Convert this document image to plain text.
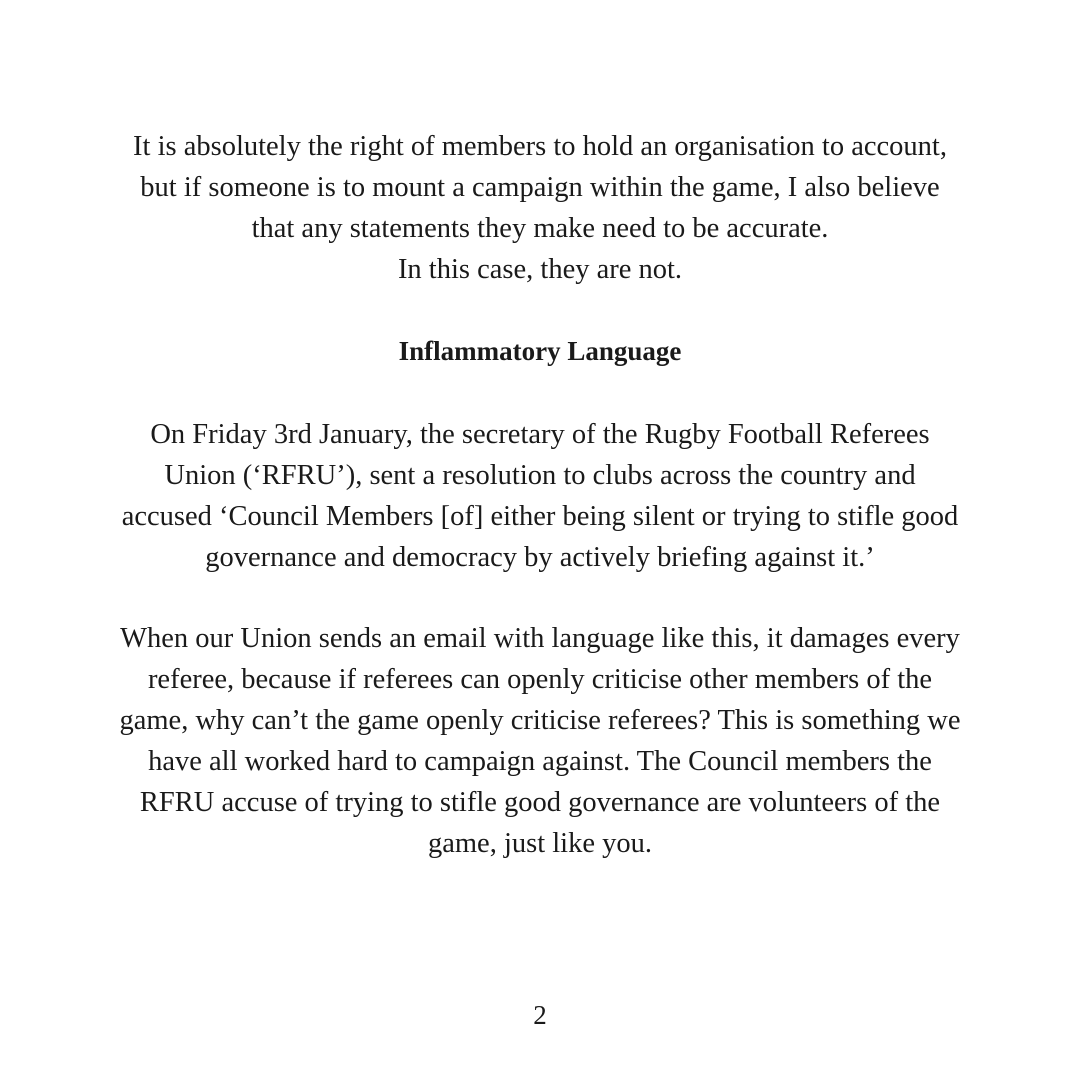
It is absolutely the right of members to hold an organisation to account,
but if someone is to mount a campaign within the game, I also believe
that any statements they make need to be accurate.
In this case, they are not.
Inflammatory Language
On Friday 3rd January, the secretary of the Rugby Football Referees
Union (‘RFRU’), sent a resolution to clubs across the country and
accused ‘Council Members [of] either being silent or trying to stifle good
governance and democracy by actively briefing against it.’
When our Union sends an email with language like this, it damages every
referee, because if referees can openly criticise other members of the
game, why can’t the game openly criticise referees? This is something we
have all worked hard to campaign against. The Council members the
RFRU accuse of trying to stifle good governance are volunteers of the
game, just like you.
2
